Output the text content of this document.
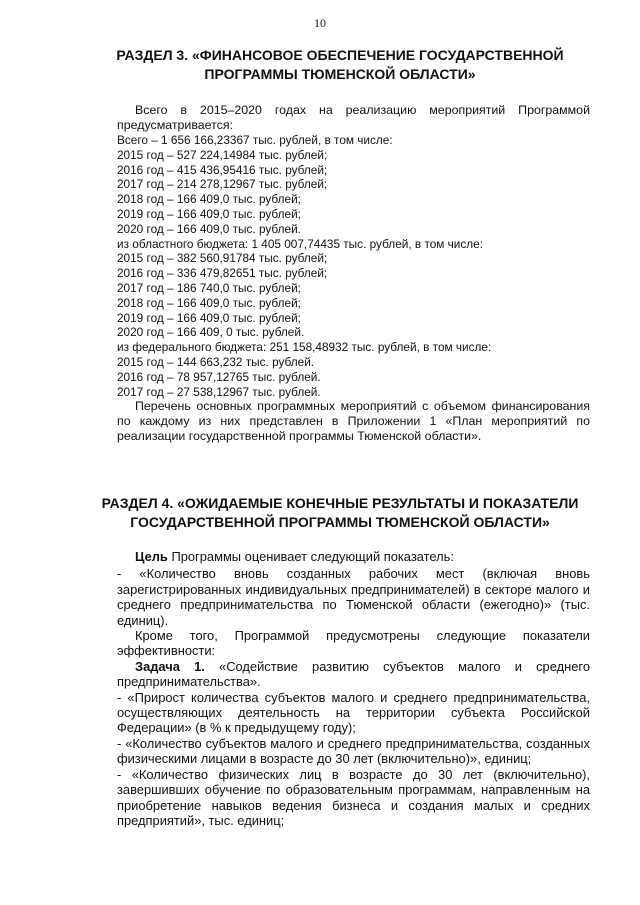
10
РАЗДЕЛ 3. «ФИНАНСОВОЕ ОБЕСПЕЧЕНИЕ ГОСУДАРСТВЕННОЙ
ПРОГРАММЫ ТЮМЕНСКОЙ ОБЛАСТИ»

Всего в 2015–2020 годах на реализацию мероприятий Программой предусматривается:

Всего – 1 656 166,23367 тыс. рублей, в том числе:

2015 год – 527 224,14984 тыс. рублей;

2016 год – 415 436,95416 тыс. рублей;

2017 год – 214 278,12967 тыс. рублей;

2018 год – 166 409,0 тыс. рублей;

2019 год – 166 409,0 тыс. рублей;

2020 год – 166 409,0 тыс. рублей.

из областного бюджета: 1 405 007,74435 тыс. рублей, в том числе:

2015 год – 382 560,91784 тыс. рублей;

2016 год – 336 479,82651 тыс. рублей;

2017 год – 186 740,0 тыс. рублей;

2018 год – 166 409,0 тыс. рублей;

2019 год – 166 409,0 тыс. рублей;

2020 год – 166 409, 0 тыс. рублей.

из федерального бюджета: 251 158,48932 тыс. рублей, в том числе:

2015 год – 144 663,232 тыс. рублей.

2016 год – 78 957,12765 тыс. рублей.

2017 год – 27 538,12967 тыс. рублей.

Перечень основных программных мероприятий с объемом финансирования по каждому из них представлен в Приложении 1 «План мероприятий по реализации государственной программы Тюменской области».

РАЗДЕЛ 4. «ОЖИДАЕМЫЕ КОНЕЧНЫЕ РЕЗУЛЬТАТЫ И ПОКАЗАТЕЛИ
ГОСУДАРСТВЕННОЙ ПРОГРАММЫ ТЮМЕНСКОЙ ОБЛАСТИ»

Цель Программы оценивает следующий показатель:

- «Количество вновь созданных рабочих мест (включая вновь зарегистрированных индивидуальных предпринимателей) в секторе малого и среднего предпринимательства по Тюменской области (ежегодно)» (тыс. единиц).

Кроме того, Программой предусмотрены следующие показатели эффективности:

Задача 1. «Содействие развитию субъектов малого и среднего предпринимательства».

- «Прирост количества субъектов малого и среднего предпринимательства, осуществляющих деятельность на территории субъекта Российской Федерации» (в % к предыдущему году);

- «Количество субъектов малого и среднего предпринимательства, созданных физическими лицами в возрасте до 30 лет (включительно)», единиц;

- «Количество физических лиц в возрасте до 30 лет (включительно), завершивших обучение по образовательным программам, направленным на приобретение навыков ведения бизнеса и создания малых и средних предприятий», тыс. единиц;
